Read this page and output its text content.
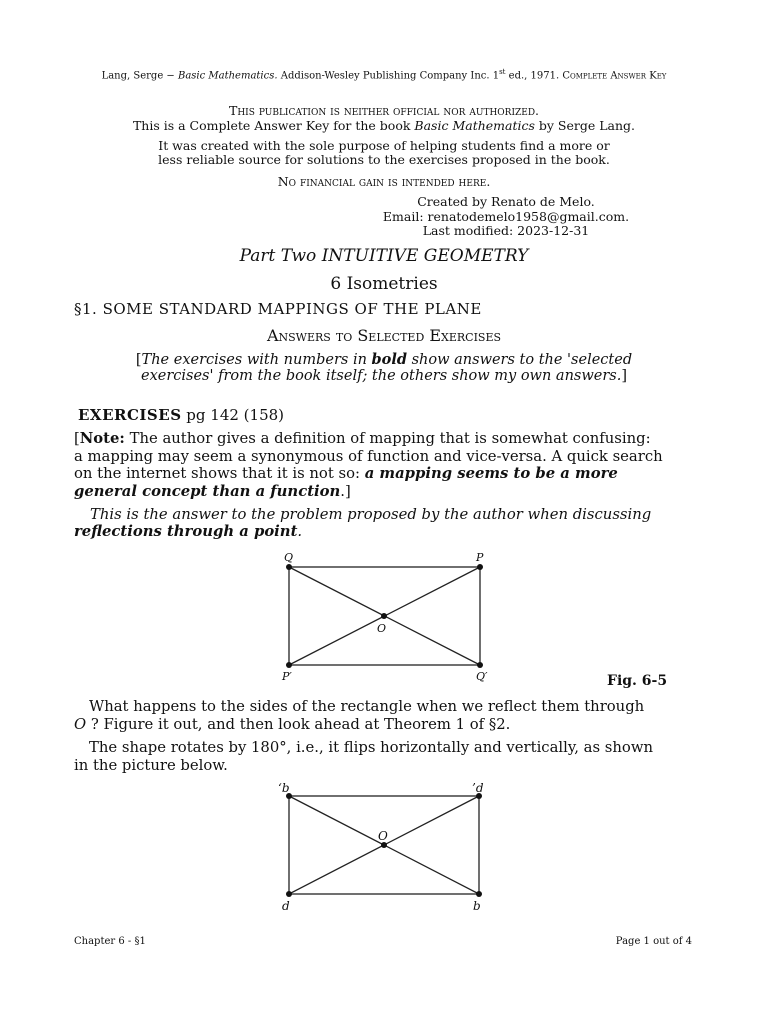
Lang, Serge − Basic Mathematics. Addison-Wesley Publishing Company Inc. 1st ed., 1971. Complete Answer Key
This publication is neither official nor authorized.
This is a Complete Answer Key for the book Basic Mathematics by Serge Lang.
It was created with the sole purpose of helping students find a more or
less reliable source for solutions to the exercises proposed in the book.
No financial gain is intended here.
Created by Renato de Melo.
Email: renatodemelo1958@gmail.com.
Last modified: 2023-12-31
Part Two INTUITIVE GEOMETRY
6 Isometries
§1. SOME STANDARD MAPPINGS OF THE PLANE
Answers to Selected Exercises
[The exercises with numbers in bold show answers to the 'selected
exercises' from the book itself; the others show my own answers.]
EXERCISES pg 142 (158)
[Note: The author gives a definition of mapping that is somewhat confusing:
a mapping may seem a synonymous of function and vice-versa. A quick search
on the internet shows that it is not so: a mapping seems to be a more
general concept than a function.]
This is the answer to the problem proposed by the author when discussing
reflections through a point.
Q	P
O
P′	Q′	Fig. 6-5
What happens to the sides of the rectangle when we reflect them through
O ? Figure it out, and then look ahead at Theorem 1 of §2.
The shape rotates by 180°, i.e., it flips horizontally and vertically, as shown
in the picture below.
‘b	’d
O
d	b
Chapter 6 - §1	Page 1 out of 4
